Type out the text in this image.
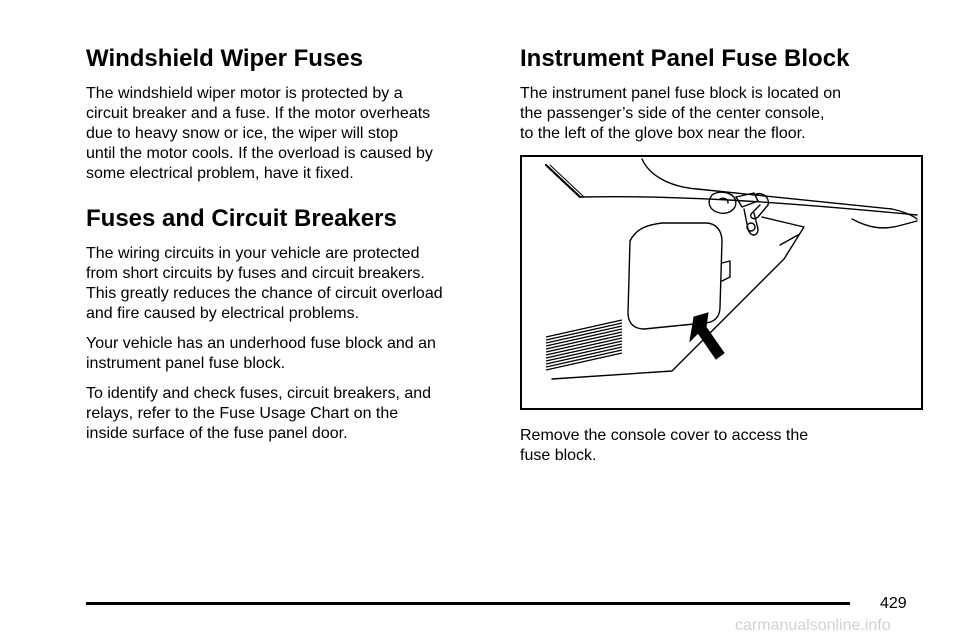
Windshield Wiper Fuses

The windshield wiper motor is protected by a
circuit breaker and a fuse. If the motor overheats
due to heavy snow or ice, the wiper will stop
until the motor cools. If the overload is caused by
some electrical problem, have it fixed.

Fuses and Circuit Breakers

The wiring circuits in your vehicle are protected
from short circuits by fuses and circuit breakers.
This greatly reduces the chance of circuit overload
and fire caused by electrical problems.

Your vehicle has an underhood fuse block and an
instrument panel fuse block.

To identify and check fuses, circuit breakers, and
relays, refer to the Fuse Usage Chart on the
inside surface of the fuse panel door.

Instrument Panel Fuse Block

The instrument panel fuse block is located on
the passenger’s side of the center console,
to the left of the glove box near the floor.

Remove the console cover to access the
fuse block.

429
carmanualsonline.info
